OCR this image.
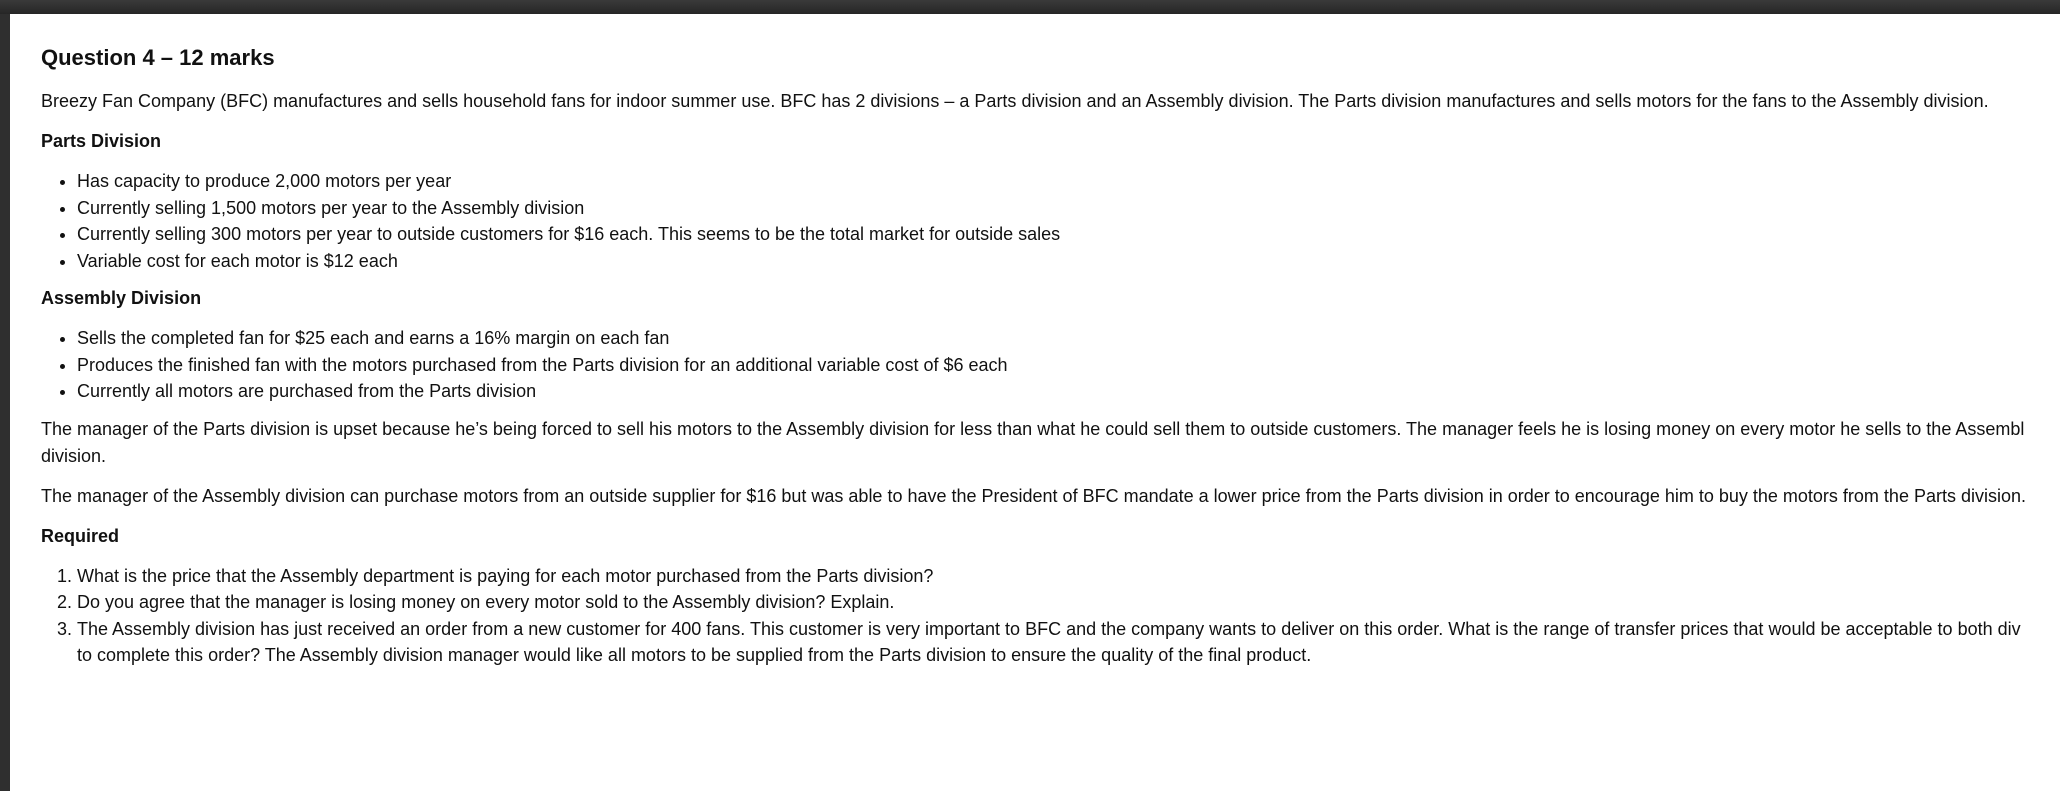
Question 4 – 12 marks

Breezy Fan Company (BFC) manufactures and sells household fans for indoor summer use. BFC has 2 divisions – a Parts division and an Assembly division. The Parts division manufactures and sells motors for the fans to the Assembly division.

Parts Division
• Has capacity to produce 2,000 motors per year
• Currently selling 1,500 motors per year to the Assembly division
• Currently selling 300 motors per year to outside customers for $16 each. This seems to be the total market for outside sales
• Variable cost for each motor is $12 each
Assembly Division
• Sells the completed fan for $25 each and earns a 16% margin on each fan
• Produces the finished fan with the motors purchased from the Parts division for an additional variable cost of $6 each
• Currently all motors are purchased from the Parts division

The manager of the Parts division is upset because he’s being forced to sell his motors to the Assembly division for less than what he could sell them to outside customers. The manager feels he is losing money on every motor he sells to the Assembl
division.

The manager of the Assembly division can purchase motors from an outside supplier for $16 but was able to have the President of BFC mandate a lower price from the Parts division in order to encourage him to buy the motors from the Parts division.

Required
1. What is the price that the Assembly department is paying for each motor purchased from the Parts division?
2. Do you agree that the manager is losing money on every motor sold to the Assembly division? Explain.
3. The Assembly division has just received an order from a new customer for 400 fans. This customer is very important to BFC and the company wants to deliver on this order. What is the range of transfer prices that would be acceptable to both div
to complete this order? The Assembly division manager would like all motors to be supplied from the Parts division to ensure the quality of the final product.
